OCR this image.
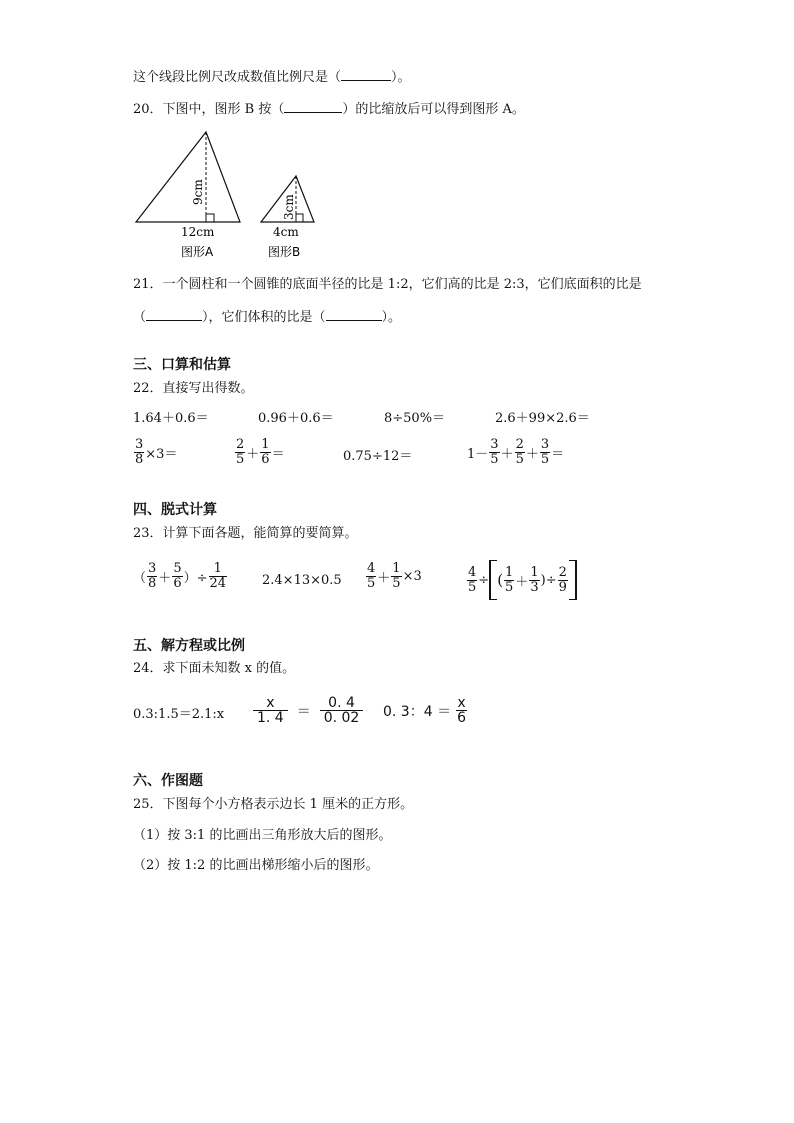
这个线段比例尺改成数值比例尺是（	）。
20．下图中，图形 B 按（	）的比缩放后可以得到图形 A。
9cm
12cm
图形A
3cm
4cm
图形B
21．一个圆柱和一个圆锥的底面半径的比是 1:2，它们高的比是 2:3，它们底面积的比是
（	），它们体积的比是（	）。
三、口算和估算
22．直接写出得数。
1.64＋0.6＝	0.96＋0.6＝	8÷50%＝	2.6＋99×2.6＝
$\frac{3}{8} \times 3=$	$\frac{2}{5} + \frac{1}{6}$ ＝	0.75÷12＝	$1- \frac{3}{5} + \frac{2}{5} + \frac{3}{5}$ ＝
四、脱式计算
23．计算下面各题，能简算的要简算。
（ $\frac{3}{8} + \frac{5}{6}$ ）÷ $\frac{1}{24}$	$2.4\times 13\times 0.5 \frac{4}{5} + \frac{1}{5} \times 3$	$\frac{4}{5}$ ÷ ( $\frac{1}{5} + \frac{1}{3}$ )÷ $\frac{2}{9}$
五、解方程或比例
24．求下面未知数 x 的值。
0.3:1.5＝2.1:x $\frac{x}{1. 4} = \frac{0. 4}{0. 02} 0$. 3：$4 = \frac{x}{6}$
六、作图题
25．下图每个小方格表示边长 1 厘米的正方形。
（1）按 3:1 的比画出三角形放大后的图形。
（2）按 1:2 的比画出梯形缩小后的图形。
